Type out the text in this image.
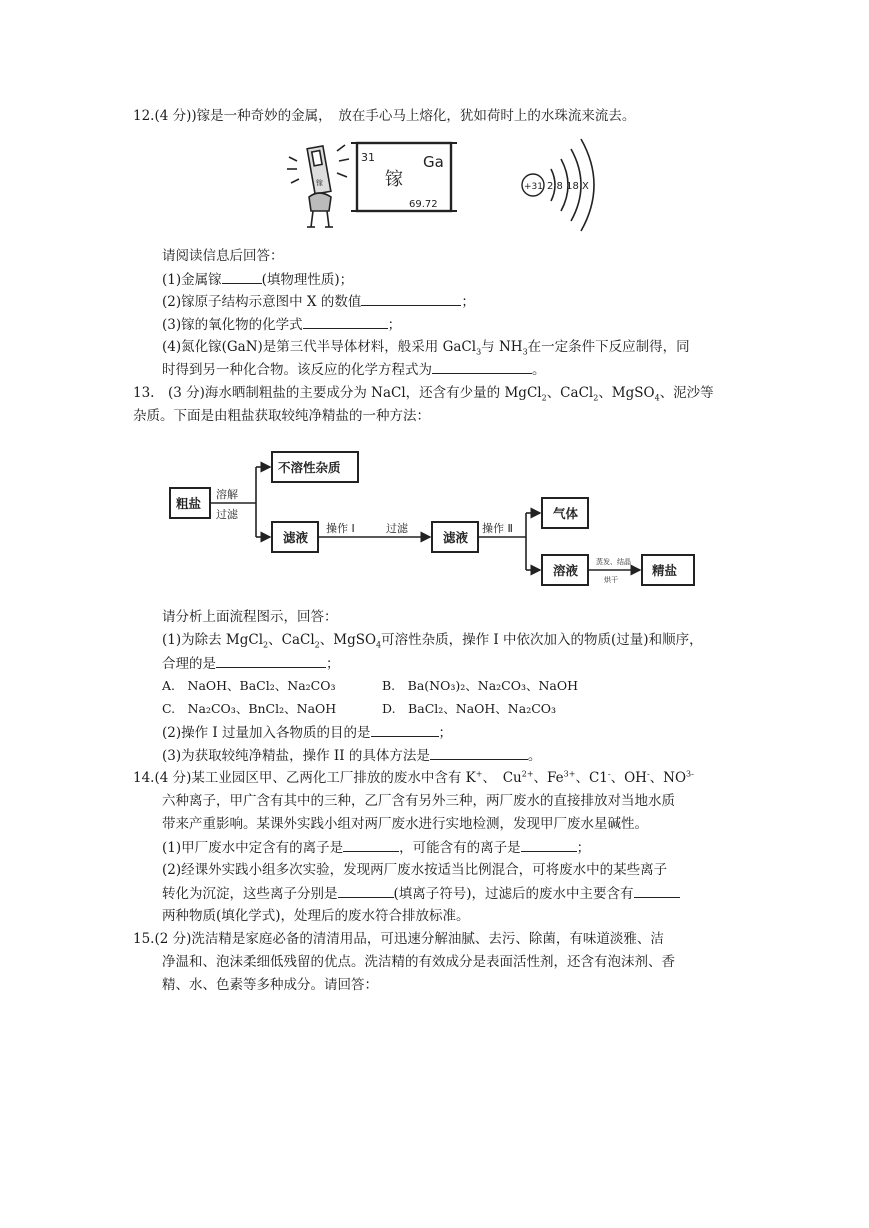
12.(4 分))镓是一种奇妙的金属，　放在手心马上熔化，犹如荷时上的水珠流来流去。
镓
31
镓
Ga
69.72
+31 2 8 18 X
请阅读信息后回答：
(1)金属镓	(填物理性质)；
(2)镓原子结构示意图中 X 的数值	；
(3)镓的氧化物的化学式	；
(4)氮化镓(GaN)是第三代半导体材料，般采用 GaCl$_3$与 $NH_3$在一定条件下反应制得，同
时得到另一种化合物。该反应的化学方程式为	。
13.　(3 分)海水晒制粗盐的主要成分为 NaCl，还含有少量的 MgCl$_2$、CaCl$_2$、MgSO$_4$、泥沙等
杂质。下面是由粗盐获取较纯净精盐的一种方法：
粗盐
不溶性杂质
滤液	滤液
气体
溶液	精盐
溶解
过滤
操作 I	过滤	操作 Ⅱ
蒸发、结晶
烘干
请分析上面流程图示，回答：
(1)为除去 MgCl$_2$、CaCl$_2$、MgSO$_4$可溶性杂质，操作 I 中依次加入的物质(过量)和顺序，
合理的是	；
A.　NaOH、BaCl₂、Na₂CO₃	B.　Ba(NO₃)₂、Na₂CO₃、NaOH
C.　Na₂CO₃、BnCl₂、NaOH	D.　BaCl₂、NaOH、Na₂CO₃
(2)操作 I 过量加入各物质的目的是	；
(3)为获取较纯净精盐，操作 II 的具体方法是	。
14.(4 分)某工业园区甲、乙两化工厂排放的废水中含有 K+、　$Cu^{2+}$、$Fe^{3+}$、C1-、OH-、$NO^{3-}$
六种离子，甲广含有其中的三种，乙厂含有另外三种，两厂废水的直接排放对当地水质
带来产重影响。某课外实践小组对两厂废水进行实地检测，发现甲厂废水星碱性。
(1)甲厂废水中定含有的离子是	，可能含有的离子是	；
(2)经课外实践小组多次实验，发现两厂废水按适当比例混合，可将废水中的某些离子
转化为沉淀，这些离子分别是	(填离子符号)，过滤后的废水中主要含有
两种物质(填化学式)，处理后的废水符合排放标准。
15.(2 分)洗洁精是家庭必备的清清用品，可迅速分解油腻、去污、除菌，有味道淡雅、洁
净温和、泡沫柔细低残留的优点。洗洁精的有效成分是表面活性剂，还含有泡沫剂、香
精、水、色素等多种成分。请回答：
